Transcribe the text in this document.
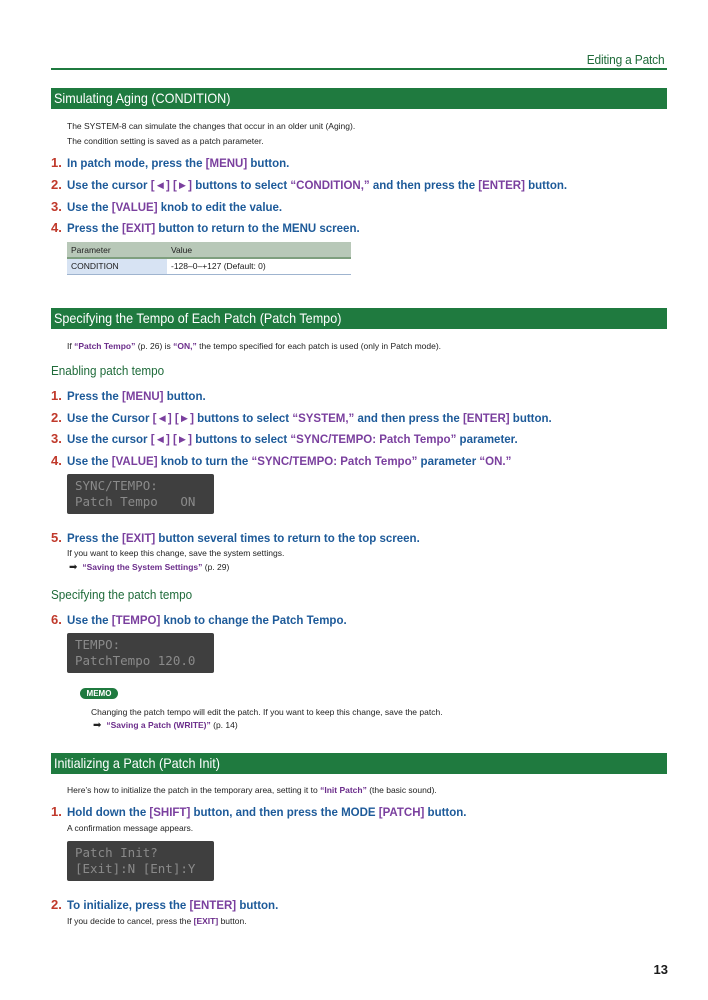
Editing a Patch
Simulating Aging (CONDITION)
The SYSTEM-8 can simulate the changes that occur in an older unit (Aging).
The condition setting is saved as a patch parameter.
1. In patch mode, press the [MENU] button.
2. Use the cursor [◄] [►] buttons to select “CONDITION,” and then press the [ENTER] button.
3. Use the [VALUE] knob to edit the value.
4. Press the [EXIT] button to return to the MENU screen.
Parameter	Value
CONDITION	-128–0–+127 (Default: 0)
Specifying the Tempo of Each Patch (Patch Tempo)
If “Patch Tempo” (p. 26) is “ON,” the tempo specified for each patch is used (only in Patch mode).
Enabling patch tempo
1. Press the [MENU] button.
2. Use the Cursor [◄] [►] buttons to select “SYSTEM,” and then press the [ENTER] button.
3. Use the cursor [◄] [►] buttons to select “SYNC/TEMPO: Patch Tempo” parameter.
4. Use the [VALUE] knob to turn the “SYNC/TEMPO: Patch Tempo” parameter “ON.”
SYNC/TEMPO:
Patch Tempo   ON
5. Press the [EXIT] button several times to return to the top screen.
If you want to keep this change, save the system settings.
➡ “Saving the System Settings” (p. 29)
Specifying the patch tempo
6. Use the [TEMPO] knob to change the Patch Tempo.
TEMPO:
PatchTempo 120.0
MEMO
Changing the patch tempo will edit the patch. If you want to keep this change, save the patch.
➡ “Saving a Patch (WRITE)” (p. 14)
Initializing a Patch (Patch Init)
Here’s how to initialize the patch in the temporary area, setting it to “Init Patch” (the basic sound).
1. Hold down the [SHIFT] button, and then press the MODE [PATCH] button.
A confirmation message appears.
Patch Init?
[Exit]:N [Ent]:Y
2. To initialize, press the [ENTER] button.
If you decide to cancel, press the [EXIT] button.
13
